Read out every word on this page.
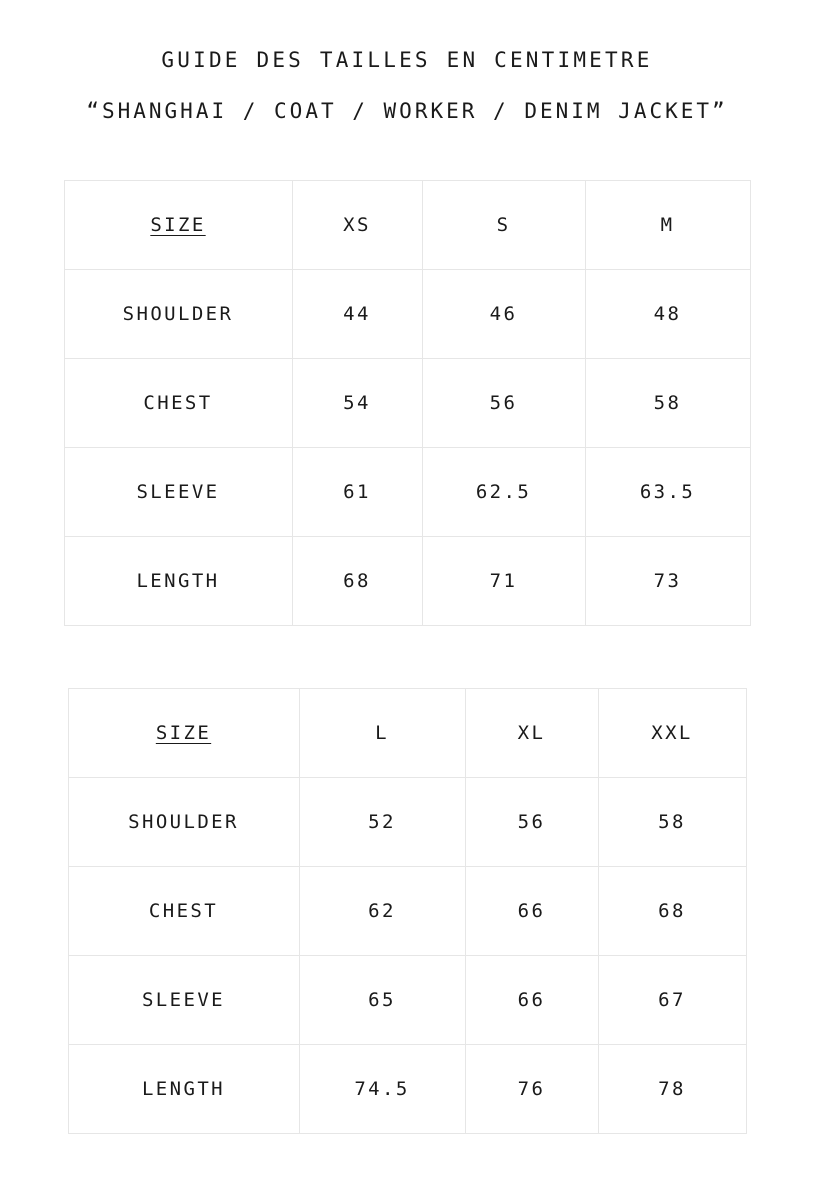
GUIDE DES TAILLES EN CENTIMETRE
“SHANGHAI / COAT / WORKER / DENIM JACKET”
SIZE	XS	S	M
SHOULDER	44	46	48
CHEST	54	56	58
SLEEVE	61	62.5	63.5
LENGTH	68	71	73
SIZE	L	XL	XXL
SHOULDER	52	56	58
CHEST	62	66	68
SLEEVE	65	66	67
LENGTH	74.5	76	78
